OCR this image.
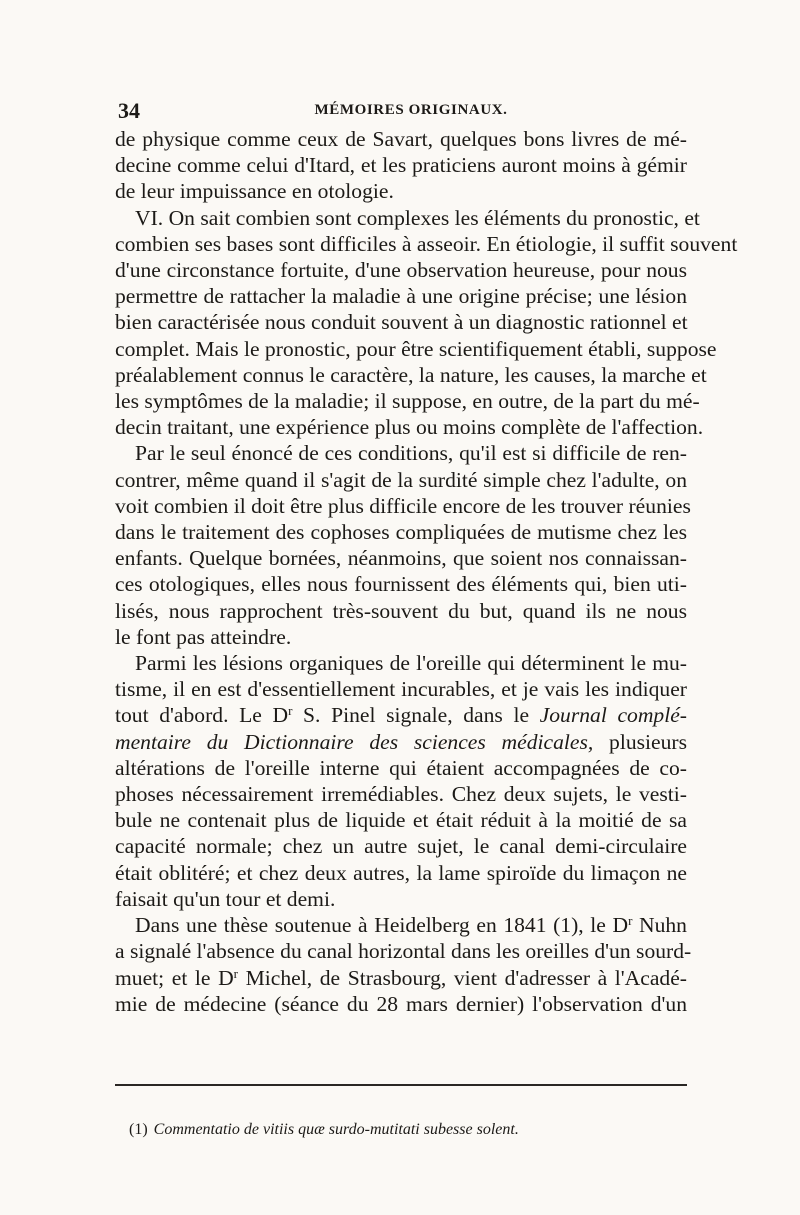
34	MÉMOIRES ORIGINAUX.
de physique comme ceux de Savart, quelques bons livres de mé-
decine comme celui d'Itard, et les praticiens auront moins à gémir
de leur impuissance en otologie.
VI. On sait combien sont complexes les éléments du pronostic, et
combien ses bases sont difficiles à asseoir. En étiologie, il suffit souvent
d'une circonstance fortuite, d'une observation heureuse, pour nous
permettre de rattacher la maladie à une origine précise; une lésion
bien caractérisée nous conduit souvent à un diagnostic rationnel et
complet. Mais le pronostic, pour être scientifiquement établi, suppose
préalablement connus le caractère, la nature, les causes, la marche et
les symptômes de la maladie; il suppose, en outre, de la part du mé-
decin traitant, une expérience plus ou moins complète de l'affection.
Par le seul énoncé de ces conditions, qu'il est si difficile de ren-
contrer, même quand il s'agit de la surdité simple chez l'adulte, on
voit combien il doit être plus difficile encore de les trouver réunies
dans le traitement des cophoses compliquées de mutisme chez les
enfants. Quelque bornées, néanmoins, que soient nos connaissan-
ces otologiques, elles nous fournissent des éléments qui, bien uti-
lisés, nous rapprochent très-souvent du but, quand ils ne nous
le font pas atteindre.
Parmi les lésions organiques de l'oreille qui déterminent le mu-
tisme, il en est d'essentiellement incurables, et je vais les indiquer
tout d'abord. Le $D^r$ S. Pinel signale, dans le Journal complé-
mentaire du Dictionnaire des sciences médicales, plusieurs
altérations de l'oreille interne qui étaient accompagnées de co-
phoses nécessairement irremédiables. Chez deux sujets, le vesti-
bule ne contenait plus de liquide et était réduit à la moitié de sa
capacité normale; chez un autre sujet, le canal demi-circulaire
était oblitéré; et chez deux autres, la lame spiroïde du limaçon ne
faisait qu'un tour et demi.
Dans une thèse soutenue à Heidelberg en 1841 (1), le $D^r$ Nuhn
a signalé l'absence du canal horizontal dans les oreilles d'un sourd-
muet; et le $D^r$ Michel, de Strasbourg, vient d'adresser à l'Acadé-
mie de médecine (séance du 28 mars dernier) l'observation d'un
(1) Commentatio de vitiis quæ surdo-mutitati subesse solent.
